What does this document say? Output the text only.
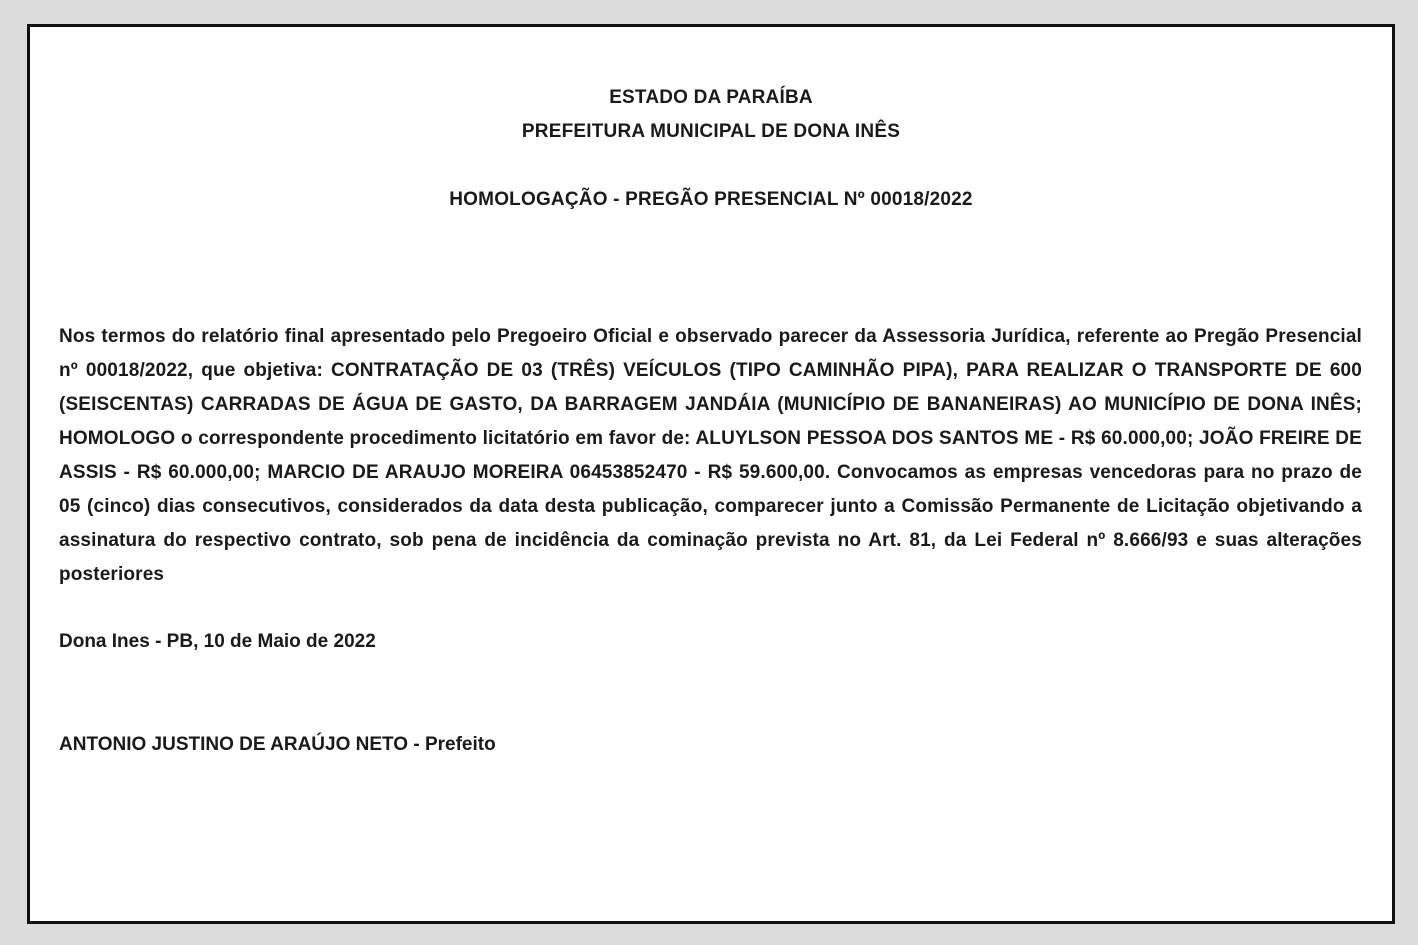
ESTADO DA PARAÍBA

PREFEITURA MUNICIPAL DE DONA INÊS

HOMOLOGAÇÃO - PREGÃO PRESENCIAL Nº 00018/2022

Nos termos do relatório final apresentado pelo Pregoeiro Oficial e observado parecer da Assessoria Jurídica, referente ao Pregão Presencial nº 00018/2022, que objetiva: CONTRATAÇÃO DE 03 (TRÊS) VEÍCULOS (TIPO CAMINHÃO PIPA), PARA REALIZAR O TRANSPORTE DE 600 (SEISCENTAS) CARRADAS DE ÁGUA DE GASTO, DA BARRAGEM JANDÁIA (MUNICÍPIO DE BANANEIRAS) AO MUNICÍPIO DE DONA INÊS; HOMOLOGO o correspondente procedimento licitatório em favor de: ALUYLSON PESSOA DOS SANTOS ME - R$ 60.000,00; JOÃO FREIRE DE ASSIS - R$ 60.000,00; MARCIO DE ARAUJO MOREIRA 06453852470 - R$ 59.600,00. Convocamos as empresas vencedoras para no prazo de 05 (cinco) dias consecutivos, considerados da data desta publicação, comparecer junto a Comissão Permanente de Licitação objetivando a assinatura do respectivo contrato, sob pena de incidência da cominação prevista no Art. 81, da Lei Federal nº 8.666/93 e suas alterações posteriores

Dona Ines - PB, 10 de Maio de 2022

ANTONIO JUSTINO DE ARAÚJO NETO - Prefeito
